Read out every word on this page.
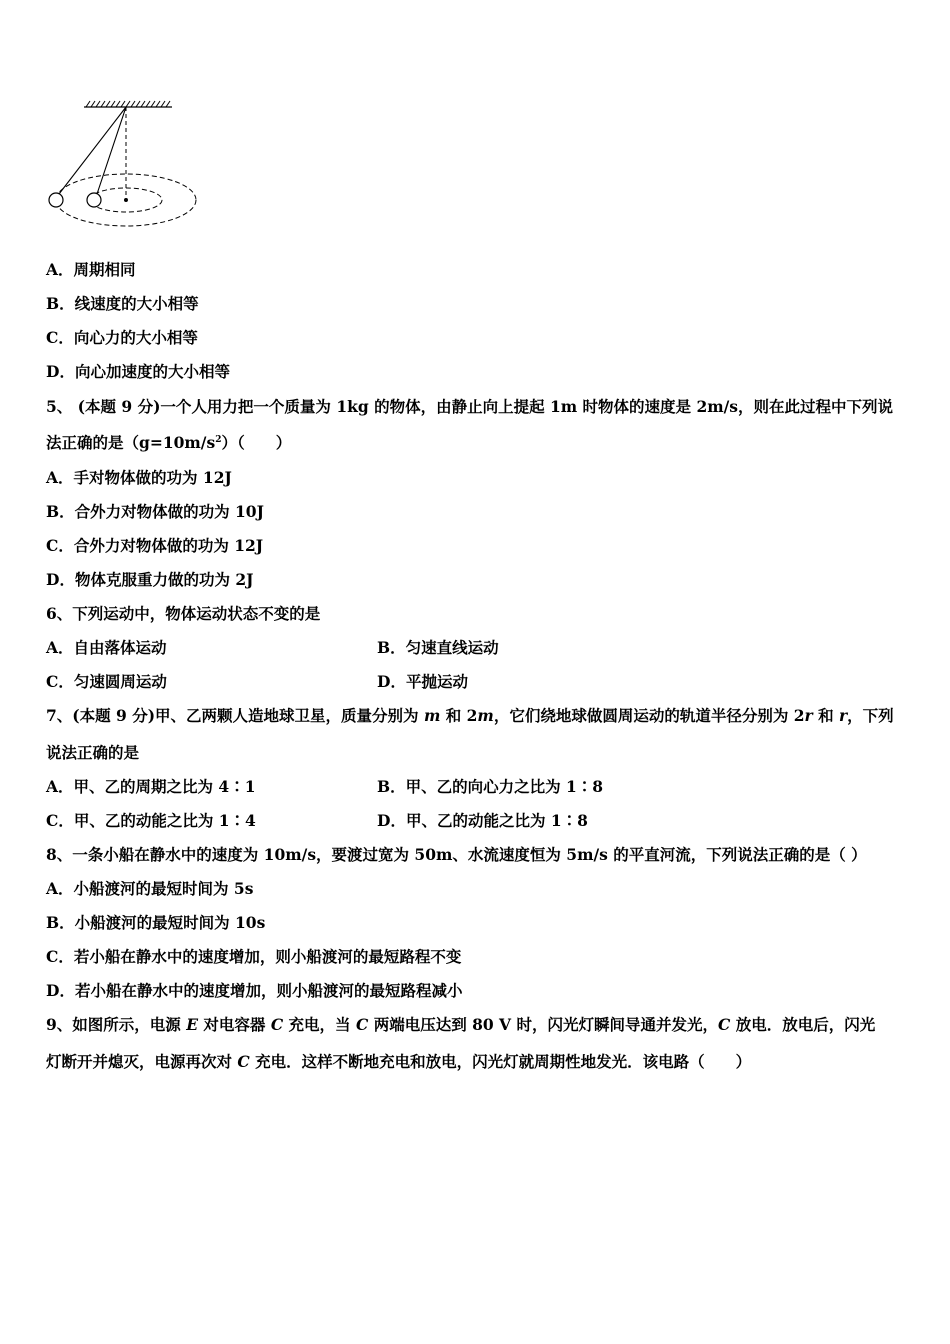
A．周期相同
B．线速度的大小相等
C．向心力的大小相等
D．向心加速度的大小相等
5、 (本题 9 分)一个人用力把一个质量为 1kg 的物体，由静止向上提起 1m 时物体的速度是 2m/s，则在此过程中下列说
法正确的是$(g=10m/s^2)$（　　）
A．手对物体做的功为 12J
B．合外力对物体做的功为 10J
C．合外力对物体做的功为 12J
D．物体克服重力做的功为 2J
6、下列运动中，物体运动状态不变的是
A．自由落体运动	B．匀速直线运动
C．匀速圆周运动	D．平抛运动
7、(本题 9 分)甲、乙两颗人造地球卫星，质量分别为 m 和 2m，它们绕地球做圆周运动的轨道半径分别为 2r 和 r，下列
说法正确的是
A．甲、乙的周期之比为 4∶1	B．甲、乙的向心力之比为 1∶8
C．甲、乙的动能之比为 1∶4	D．甲、乙的动能之比为 1∶8
8、一条小船在静水中的速度为 10m/s，要渡过宽为 50m、水流速度恒为 5m/s 的平直河流，下列说法正确的是（ ）
A．小船渡河的最短时间为 5s
B．小船渡河的最短时间为 10s
C．若小船在静水中的速度增加，则小船渡河的最短路程不变
D．若小船在静水中的速度增加，则小船渡河的最短路程减小
9、如图所示，电源 E 对电容器 C 充电，当 C 两端电压达到 80 V 时，闪光灯瞬间导通并发光，C 放电．放电后，闪光
灯断开并熄灭，电源再次对 C 充电．这样不断地充电和放电，闪光灯就周期性地发光．该电路（　　）
